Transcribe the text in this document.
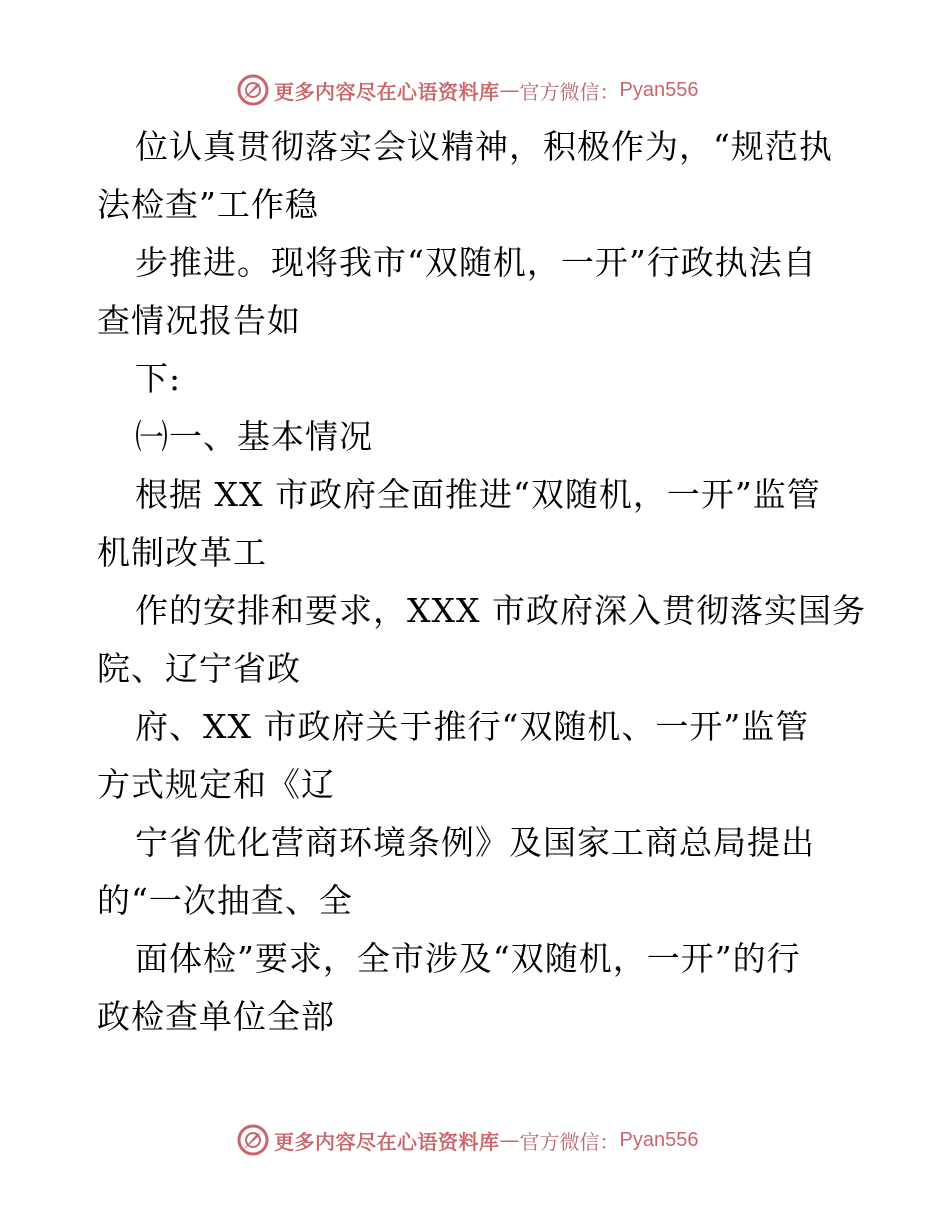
更多内容尽在心语资料库 — 官方微信： Pyan556
位认真贯彻落实会议精神，积极作为，“规范执
法检查”工作稳
步推进。现将我市“双随机，一开”行政执法自
查情况报告如
下:
㈠一、基本情况
根据 XX 市政府全面推进“双随机，一开”监管
机制改革工
作的安排和要求，XXX 市政府深入贯彻落实国务
院、辽宁省政
府、XX 市政府关于推行“双随机、一开”监管
方式规定和《辽
宁省优化营商环境条例》及国家工商总局提出
的“一次抽查、全
面体检”要求，全市涉及“双随机，一开”的行
政检查单位全部
更多内容尽在心语资料库 — 官方微信： Pyan556
